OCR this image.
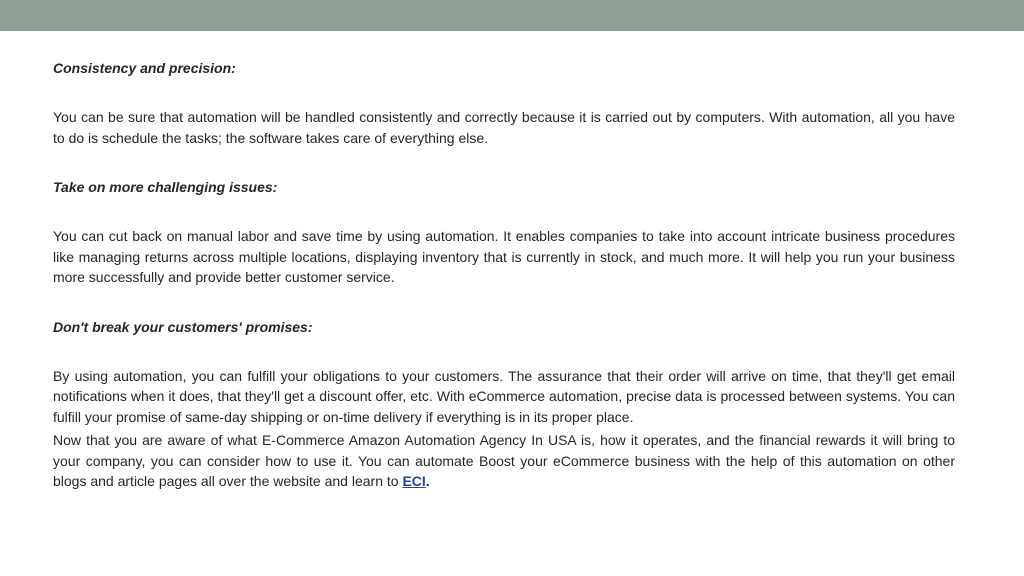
Consistency and precision:

You can be sure that automation will be handled consistently and correctly because it is carried out by computers. With automation, all you have to do is schedule the tasks; the software takes care of everything else.

Take on more challenging issues:

You can cut back on manual labor and save time by using automation. It enables companies to take into account intricate business procedures like managing returns across multiple locations, displaying inventory that is currently in stock, and much more. It will help you run your business more successfully and provide better customer service.

Don't break your customers' promises:

By using automation, you can fulfill your obligations to your customers. The assurance that their order will arrive on time, that they'll get email notifications when it does, that they'll get a discount offer, etc. With eCommerce automation, precise data is processed between systems. You can fulfill your promise of same-day shipping or on-time delivery if everything is in its proper place.

Now that you are aware of what E-Commerce Amazon Automation Agency In USA is, how it operates, and the financial rewards it will bring to your company, you can consider how to use it. You can automate Boost your eCommerce business with the help of this automation on other blogs and article pages all over the website and learn to ECI.
